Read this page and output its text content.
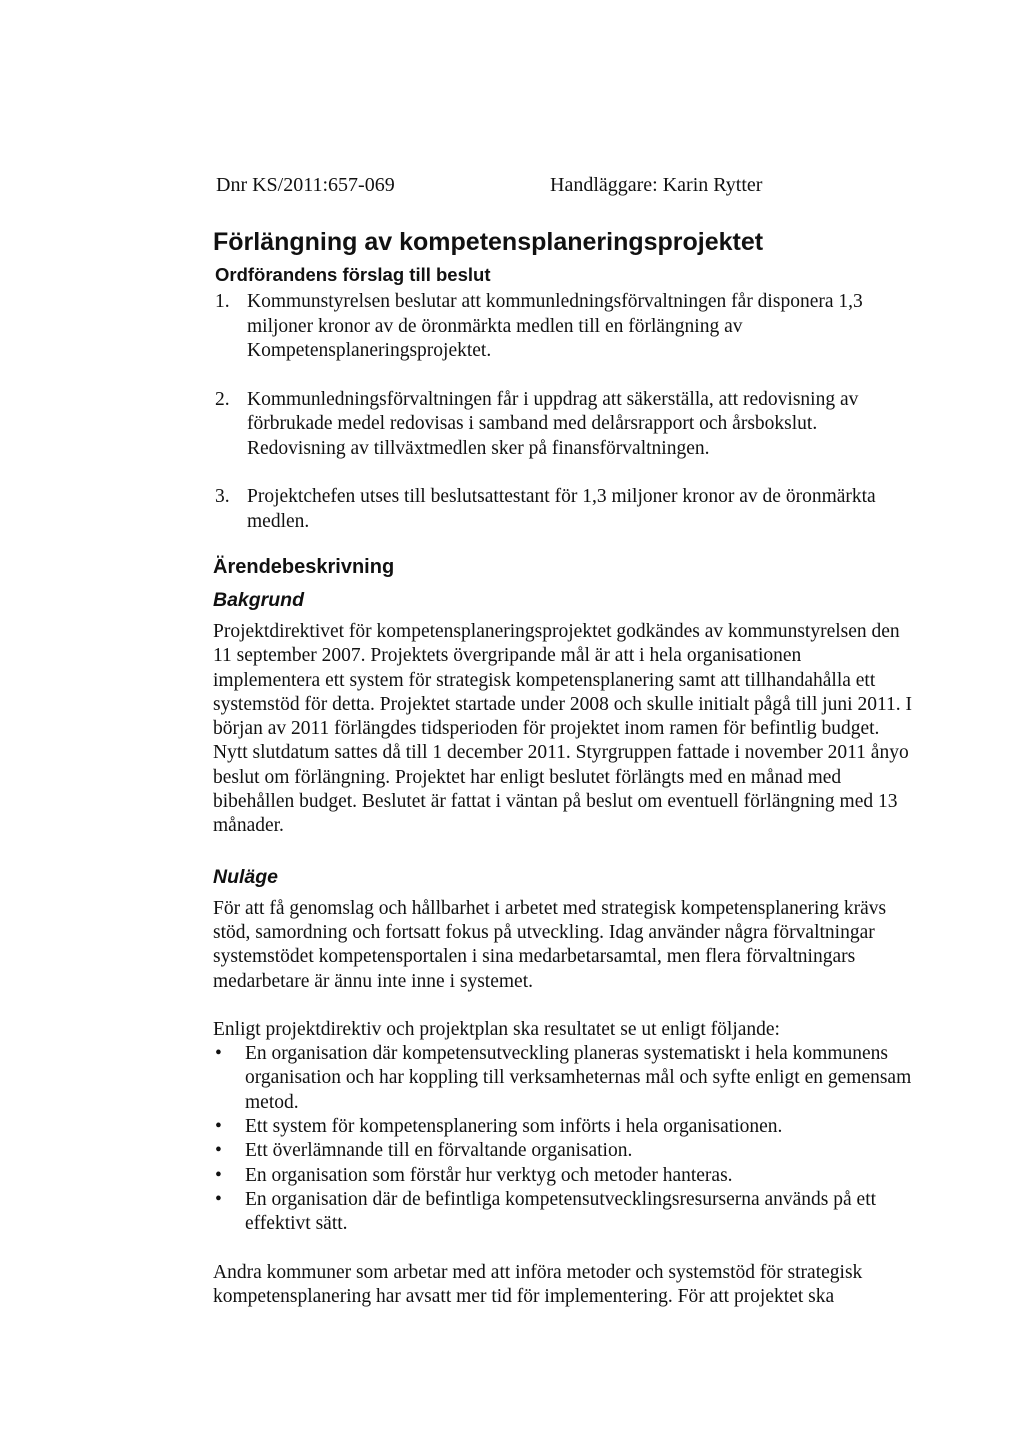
Dnr KS/2011:657-069	Handläggare: Karin Rytter
Förlängning av kompetensplaneringsprojektet
Ordförandens förslag till beslut
1. Kommunstyrelsen beslutar att kommunledningsförvaltningen får disponera 1,3 miljoner kronor av de öronmärkta medlen till en förlängning av Kompetensplaneringsprojektet.
2. Kommunledningsförvaltningen får i uppdrag att säkerställa, att redovisning av förbrukade medel redovisas i samband med delårsrapport och årsbokslut. Redovisning av tillväxtmedlen sker på finansförvaltningen.
3. Projektchefen utses till beslutsattestant för 1,3 miljoner kronor av de öronmärkta medlen.
Ärendebeskrivning
Bakgrund

Projektdirektivet för kompetensplaneringsprojektet godkändes av kommunstyrelsen den 11 september 2007. Projektets övergripande mål är att i hela organisationen implementera ett system för strategisk kompetensplanering samt att tillhandahålla ett systemstöd för detta. Projektet startade under 2008 och skulle initialt pågå till juni 2011. I början av 2011 förlängdes tidsperioden för projektet inom ramen för befintlig budget. Nytt slutdatum sattes då till 1 december 2011. Styrgruppen fattade i november 2011 ånyo beslut om förlängning. Projektet har enligt beslutet förlängts med en månad med bibehållen budget. Beslutet är fattat i väntan på beslut om eventuell förlängning med 13 månader.

Nuläge

För att få genomslag och hållbarhet i arbetet med strategisk kompetensplanering krävs stöd, samordning och fortsatt fokus på utveckling. Idag använder några förvaltningar systemstödet kompetensportalen i sina medarbetarsamtal, men flera förvaltningars medarbetare är ännu inte inne i systemet.

Enligt projektdirektiv och projektplan ska resultatet se ut enligt följande:

•	En organisation där kompetensutveckling planeras systematiskt i hela kommunens organisation och har koppling till verksamheternas mål och syfte enligt en gemensam metod.
•	Ett system för kompetensplanering som införts i hela organisationen.
•	Ett överlämnande till en förvaltande organisation.
•	En organisation som förstår hur verktyg och metoder hanteras.
•	En organisation där de befintliga kompetensutvecklingsresurserna används på ett effektivt sätt.

Andra kommuner som arbetar med att införa metoder och systemstöd för strategisk kompetensplanering har avsatt mer tid för implementering. För att projektet ska
